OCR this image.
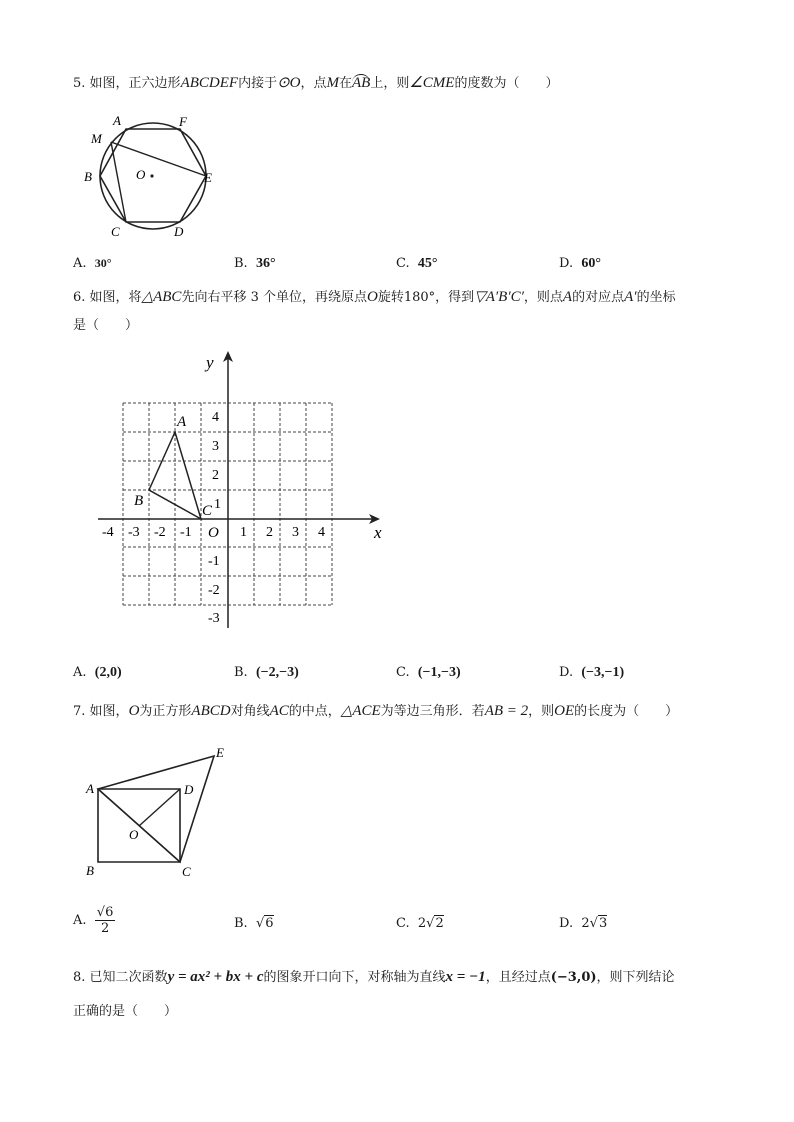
5. 如图，正六边形ABCDEF内接于⊙O，点M在AB上，则∠CME的度数为（　　）
A	F
M
B	E
C	D
O
A. 30°	B. 36°	C. 45°	D. 60°
6. 如图，将△ABC先向右平移 3 个单位，再绕原点O旋转180°，得到▽A′B′C′，则点A的对应点A′的坐标
是（　　）
x
y
-4 -3 -2 -1 O 1 2 3 4
4
3
2
1
-1
-2
-3
A
B
C
A. (2,0)	B. (−2,−3)	C. (−1,−3)	D. (−3,−1)
7. 如图，O为正方形ABCD对角线AC的中点，△ACE为等边三角形．若AB = 2，则OE的长度为（　　）
A	D
E
O
B	C
A. $\frac{√6}{2}$	B.  √6	C. 2√2	D. 2√3
8. 已知二次函数y = ax² + bx + c的图象开口向下，对称轴为直线x = −1，且经过点(−3,0)，则下列结论
正确的是（　　）
